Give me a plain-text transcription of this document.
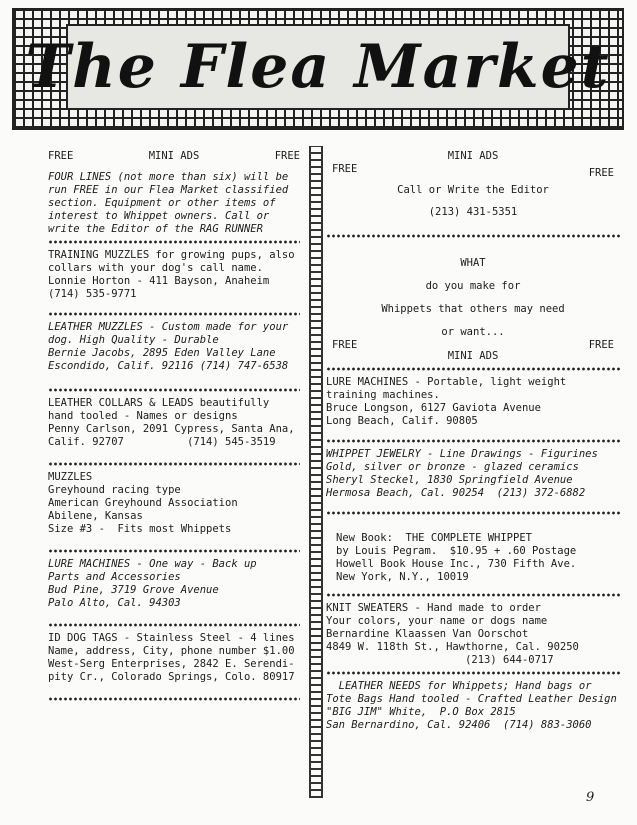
The Flea Market
FREE	MINI ADS	FREE

FOUR LINES (not more than six) will be

run FREE in our Flea Market classified

section. Equipment or other items of

interest to Whippet owners. Call or

write the Editor of the RAG RUNNER

TRAINING MUZZLES for growing pups, also

collars with your dog's call name.

Lonnie Horton - 411 Bayson, Anaheim

(714) 535-9771

LEATHER MUZZLES - Custom made for your

dog. High Quality - Durable

Bernie Jacobs, 2895 Eden Valley Lane

Escondido, Calif. 92116 (714) 747-6538

LEATHER COLLARS & LEADS beautifully

hand tooled - Names or designs

Penny Carlson, 2091 Cypress, Santa Ana,

Calif. 92707          (714) 545-3519

MUZZLES

Greyhound racing type

American Greyhound Association

Abilene, Kansas

Size #3 -  Fits most Whippets

LURE MACHINES - One way - Back up

Parts and Accessories

Bud Pine, 3719 Grove Avenue

Palo Alto, Cal. 94303

ID DOG TAGS - Stainless Steel - 4 lines

Name, address, City, phone number $1.00

West-Serg Enterprises, 2842 E. Serendi-

pity Cr., Colorado Springs, Colo. 80917

MINI ADS
FREE	FREE
Call or Write the Editor
(213) 431-5351
WHAT
do you make for
Whippets that others may need
or want...
FREE	FREE
MINI ADS

LURE MACHINES - Portable, light weight

training machines.

Bruce Longson, 6127 Gaviota Avenue

Long Beach, Calif. 90805

WHIPPET JEWELRY - Line Drawings - Figurines

Gold, silver or bronze - glazed ceramics

Sheryl Steckel, 1830 Springfield Avenue

Hermosa Beach, Cal. 90254  (213) 372-6882

New Book:  THE COMPLETE WHIPPET

by Louis Pegram.  $10.95 + .60 Postage

Howell Book House Inc., 730 Fifth Ave.

New York, N.Y., 10019

KNIT SWEATERS - Hand made to order

Your colors, your name or dogs name

Bernardine Klaassen Van Oorschot

4849 W. 118th St., Hawthorne, Cal. 90250

(213) 644-0717

LEATHER NEEDS for Whippets; Hand bags or

Tote Bags Hand tooled - Crafted Leather Design

"BIG JIM" White,  P.O Box 2815

San Bernardino, Cal. 92406  (714) 883-3060

9
